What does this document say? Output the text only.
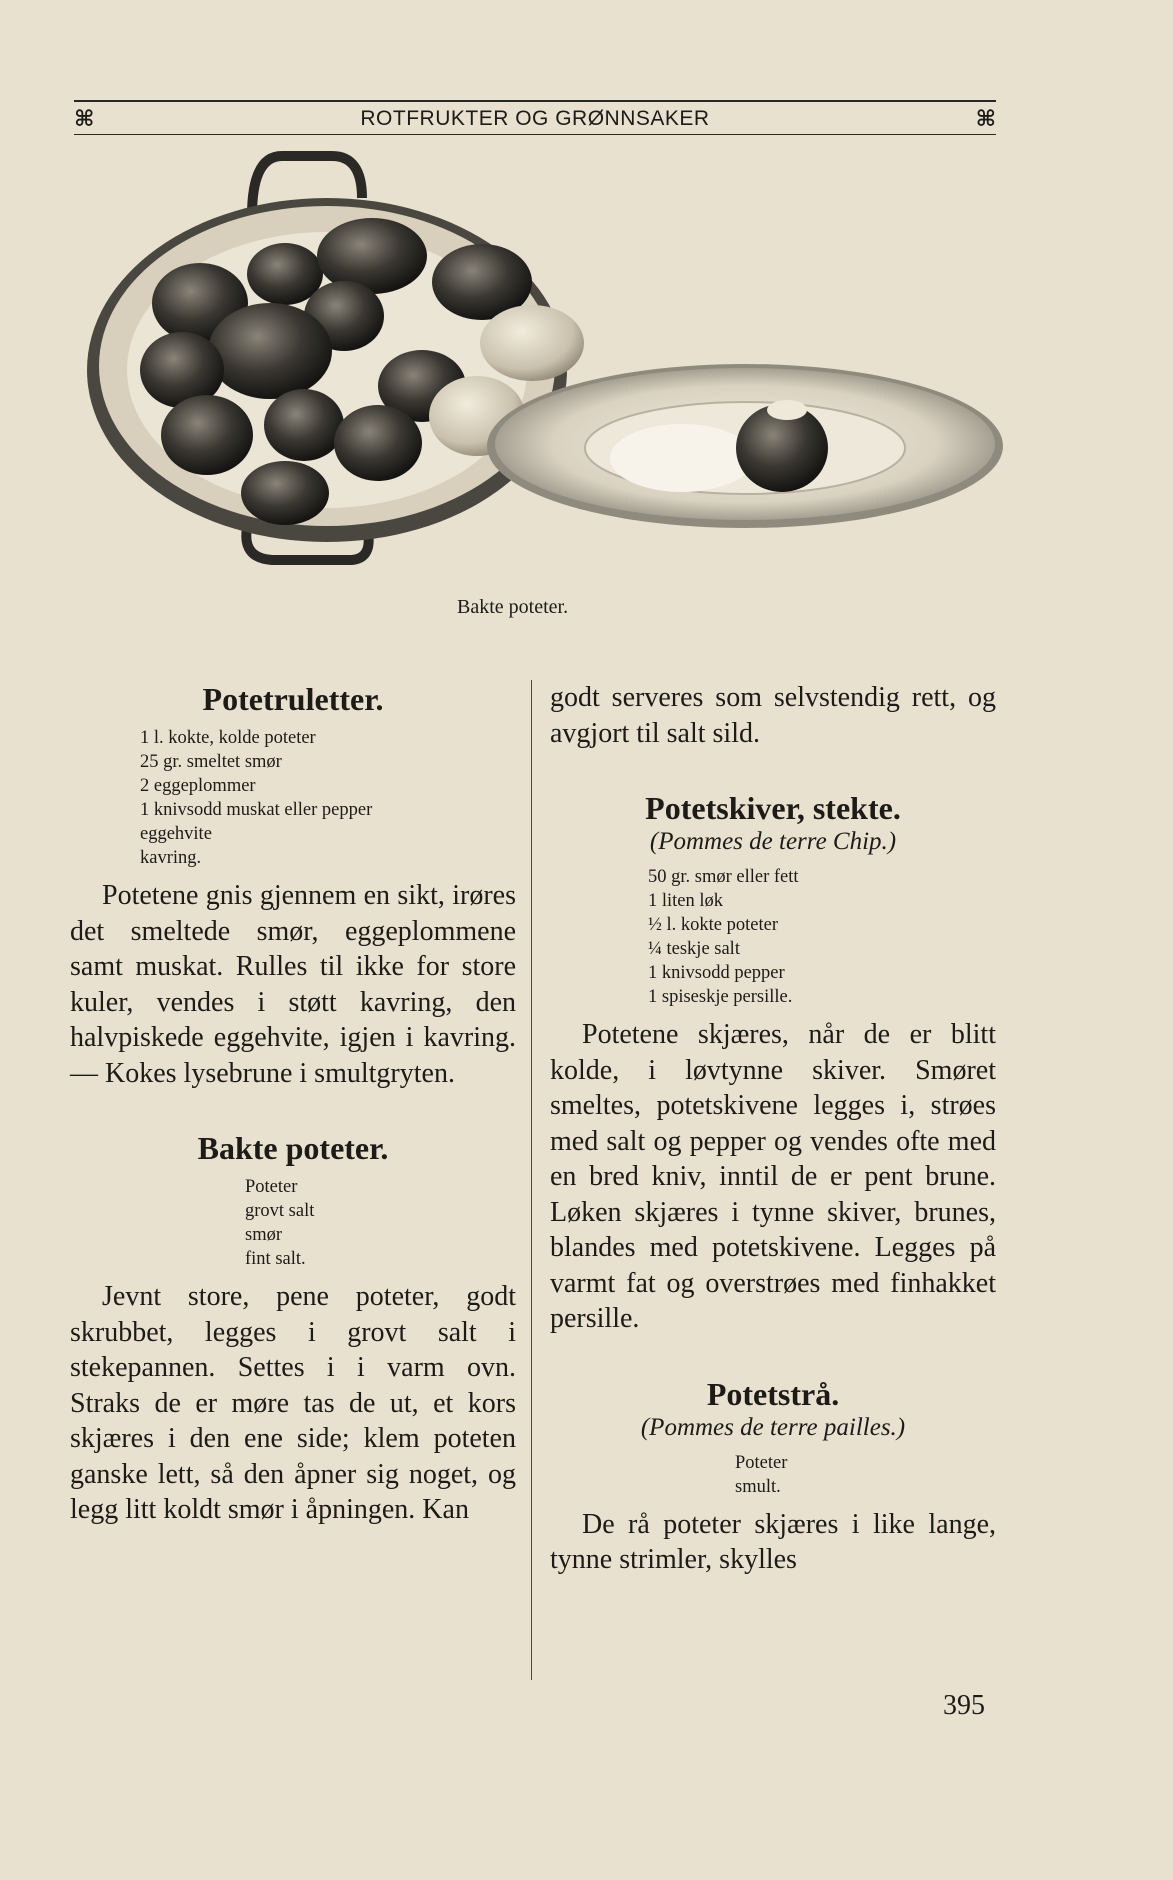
⌘	ROTFRUKTER OG GRØNNSAKER	⌘
Bakte poteter.
Potetruletter.
1 l. kokte, kolde poteter
25 gr. smeltet smør
2 eggeplommer
1 knivsodd muskat eller pepper
eggehvite
kavring.

Potetene gnis gjennem en sikt, irøres det smeltede smør, eggeplommene samt muskat. Rulles til ikke for store kuler, vendes i støtt kavring, den halvpiskede eggehvite, igjen i kavring. — Kokes lysebrune i smultgryten.

Bakte poteter.
Poteter
grovt salt
smør
fint salt.

Jevnt store, pene poteter, godt skrubbet, legges i grovt salt i stekepannen. Settes i i varm ovn. Straks de er møre tas de ut, et kors skjæres i den ene side; klem poteten ganske lett, så den åpner sig noget, og legg litt koldt smør i åpningen. Kan

godt serveres som selvstendig rett, og avgjort til salt sild.

Potetskiver, stekte.

(Pommes de terre Chip.)

50 gr. smør eller fett
1 liten løk
½ l. kokte poteter
¼ teskje salt
1 knivsodd pepper
1 spiseskje persille.

Potetene skjæres, når de er blitt kolde, i løvtynne skiver. Smøret smeltes, potetskivene legges i, strøes med salt og pepper og vendes ofte med en bred kniv, inntil de er pent brune. Løken skjæres i tynne skiver, brunes, blandes med potetskivene. Legges på varmt fat og overstrøes med finhakket persille.

Potetstrå.

(Pommes de terre pailles.)

Poteter
smult.

De rå poteter skjæres i like lange, tynne strimler, skylles

395
